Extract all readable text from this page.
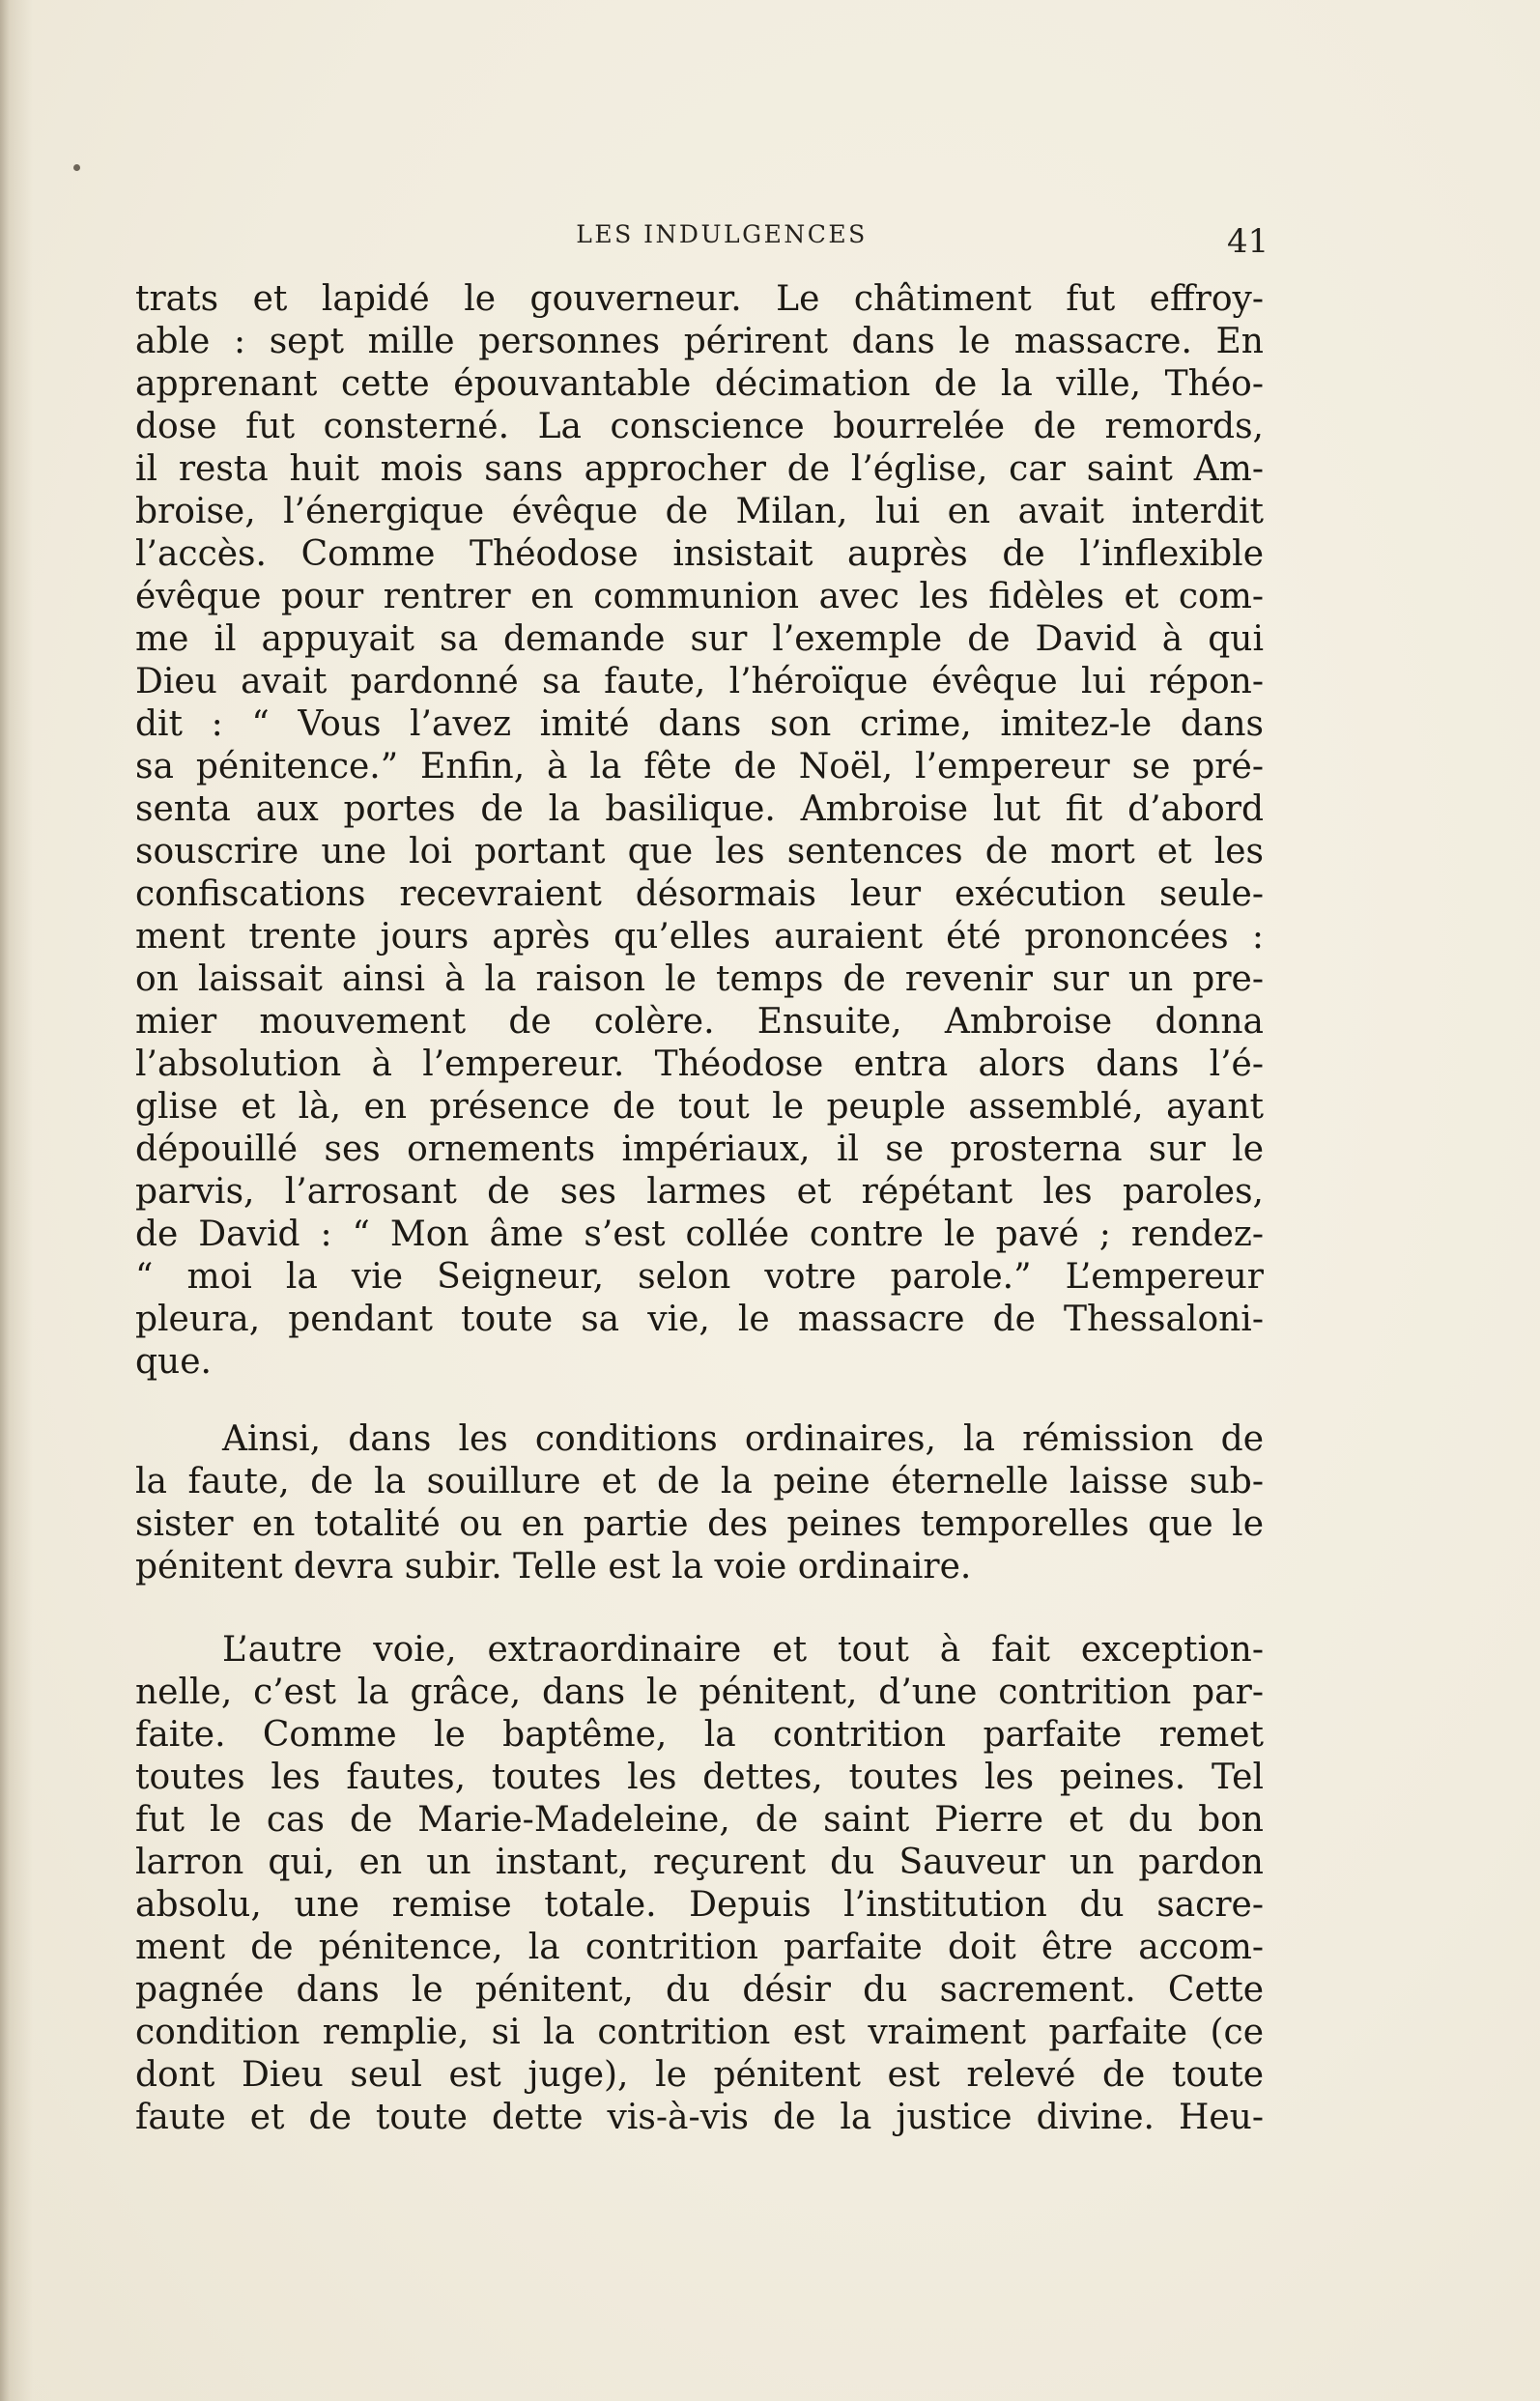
LES INDULGENCES	41
trats et lapidé le gouverneur. Le châtiment fut effroy-
able : sept mille personnes périrent dans le massacre. En
apprenant cette épouvantable décimation de la ville, Théo-
dose fut consterné. La conscience bourrelée de remords,
il resta huit mois sans approcher de l’église, car saint Am-
broise, l’énergique évêque de Milan, lui en avait interdit
l’accès. Comme Théodose insistait auprès de l’inflexible
évêque pour rentrer en communion avec les fidèles et com-
me il appuyait sa demande sur l’exemple de David à qui
Dieu avait pardonné sa faute, l’héroïque évêque lui répon-
dit : “ Vous l’avez imité dans son crime, imitez-le dans
sa pénitence.” Enfin, à la fête de Noël, l’empereur se pré-
senta aux portes de la basilique. Ambroise lut fit d’abord
souscrire une loi portant que les sentences de mort et les
confiscations recevraient désormais leur exécution seule-
ment trente jours après qu’elles auraient été prononcées :
on laissait ainsi à la raison le temps de revenir sur un pre-
mier mouvement de colère. Ensuite, Ambroise donna
l’absolution à l’empereur. Théodose entra alors dans l’é-
glise et là, en présence de tout le peuple assemblé, ayant
dépouillé ses ornements impériaux, il se prosterna sur le
parvis, l’arrosant de ses larmes et répétant les paroles,
de David : “ Mon âme s’est collée contre le pavé ; rendez-
“ moi la vie Seigneur, selon votre parole.” L’empereur
pleura, pendant toute sa vie, le massacre de Thessaloni-
que.
Ainsi, dans les conditions ordinaires, la rémission de
la faute, de la souillure et de la peine éternelle laisse sub-
sister en totalité ou en partie des peines temporelles que le
pénitent devra subir. Telle est la voie ordinaire.
L’autre voie, extraordinaire et tout à fait exception-
nelle, c’est la grâce, dans le pénitent, d’une contrition par-
faite. Comme le baptême, la contrition parfaite remet
toutes les fautes, toutes les dettes, toutes les peines. Tel
fut le cas de Marie-Madeleine, de saint Pierre et du bon
larron qui, en un instant, reçurent du Sauveur un pardon
absolu, une remise totale. Depuis l’institution du sacre-
ment de pénitence, la contrition parfaite doit être accom-
pagnée dans le pénitent, du désir du sacrement. Cette
condition remplie, si la contrition est vraiment parfaite (ce
dont Dieu seul est juge), le pénitent est relevé de toute
faute et de toute dette vis-à-vis de la justice divine. Heu-
